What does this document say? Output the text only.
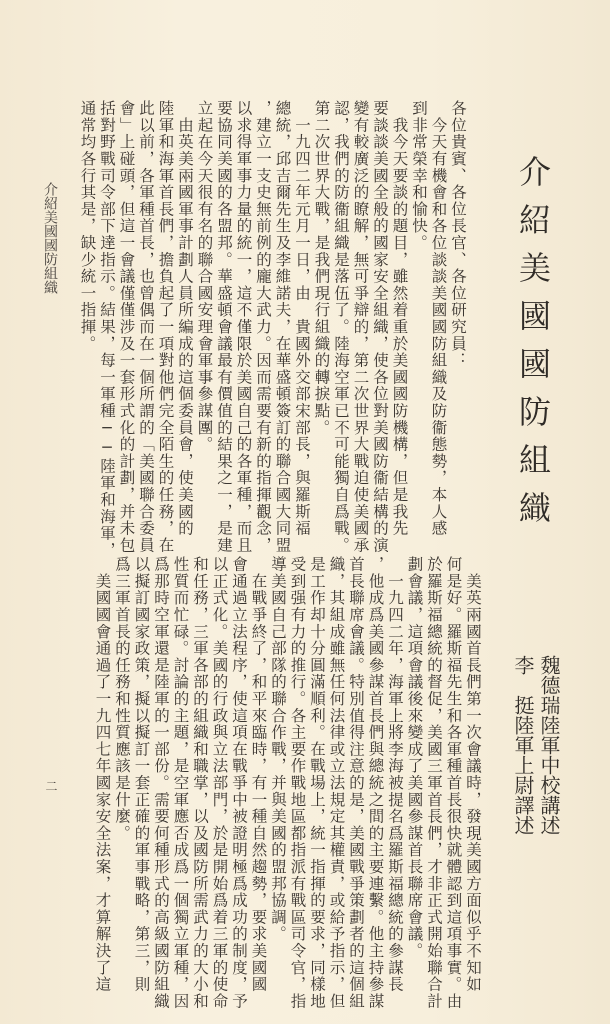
介紹美國國防組織
介紹美國國防組織
二	魏德瑞陸軍中校講述
李　挺陸軍上尉譯述
各位貴賓、各位長官、各位研究員：
　今天有機會和各位談談美國國防組織及防衞態勢，本人感
到非常榮幸和愉快。
　我今天要談的題目，雖然着重於美國國防機構，但是我先
要談談美國全般的國家安全組織，使各位對美國防衞結構的演
變有較廣泛的瞭解，無可爭辯的，第二次世界大戰迫使美國承
認，我們的防衞組織是落伍了。陸海空軍已不可能獨自爲戰。
第二次世界大戰，是我們現行組織的轉捩點。
　一九四二年元月一日，由　貴國外交部宋部長，與羅斯福
總統，邱吉爾先生及李維諾夫，在華盛頓簽訂的聯合國大同盟
，建立一支史無前例的龐大武力。因而需要有新的指揮觀念，
以求得軍事力量的統一，這不僅限於美國自己的各軍種，而且
要協同美國的各盟邦。華盛頓會議最有價值的結果之一，是建
立起在今天很有名的聯合國安理會軍事參謀團。
　由英美兩國軍事計劃人員所編成的這個委員會，使美國的
陸軍和海軍首長們，擔負起了一項對他們完全陌生的任務，在
此以前，各軍種首長，也曾偶而在一個所謂的「美國聯合委員
會」上碰頭，但這一會議僅僅涉及一套形式化的計劃，并未包
括對野戰司令部下達指示。結果，每一軍種──陸軍和海軍，
通常均各行其是，缺少統一指揮。
　美英兩國首長們第一次會議時，發現美國方面似乎不知如
何是好。羅斯福先生和各軍種首長很快就體認到這項事實。由
於羅斯福總統的督促，美國三軍首長們，才非正式開始聯合計
劃會議，這項會議後來變成了美國參謀首長聯席會議。
　一九四二年，海軍上將李海被提名爲羅斯福總統的參謀長
，他成爲美國參謀首長們與總統之間的主要連繫。他主持參謀
首長聯席會議。特別值得注意的是，美國戰爭策劃者的這個組
織，其組成雖無任何法律或立法規定其權責，或給予指示，但
是工作却十分圓滿順利。在戰場上，統一指揮的要求，同樣地
受到强有力的推行。各主要作戰地區都指派有戰區司令官，指
導美國自己部隊的聯合作戰，并與美國的盟邦協調。
　在戰爭終了，和平來臨時，有一種自然趨勢，要求美國國
會通過立法程序，使這項在戰爭中被證明極爲成功的制度，予
以正式化。美國的行政與立法部門，於是開始爲着三軍的使命
和任務，三軍各部的組織和職掌，以及國防所需武力的大小和
性質而忙碌。討論的主題，是空軍應否成爲一個獨立軍種，因
爲那時空軍還是陸軍的一部份。需要何種形式的高級國防組織
以擬訂國家政策，擬以擬訂一套正確的軍事戰略，第三，則
爲三軍首長的任務和性質應該是什麼。
　美國國會通過了一九四七年國家安全法案，才算解決了這
